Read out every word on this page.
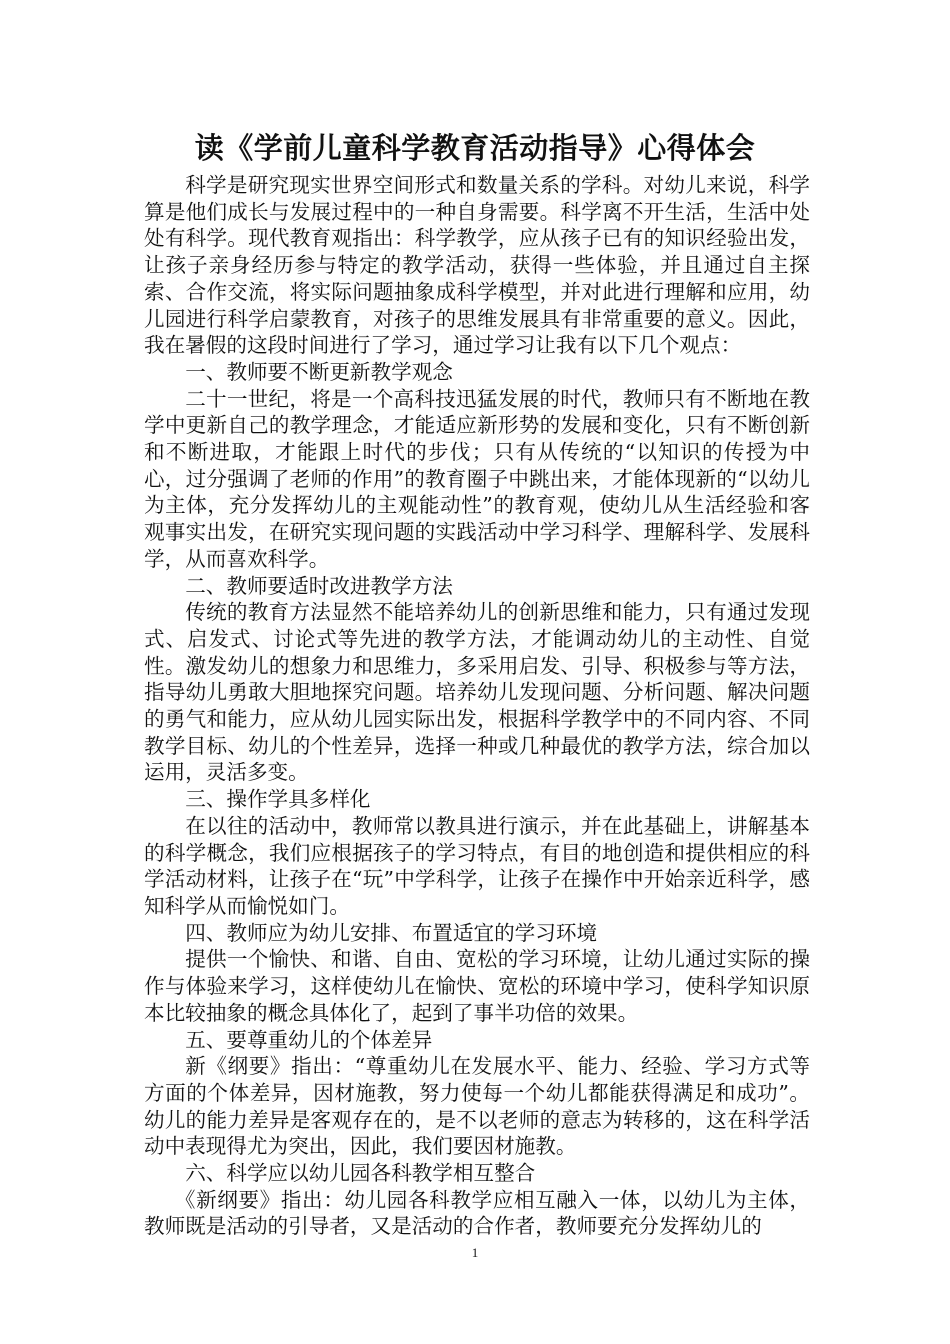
读《学前儿童科学教育活动指导》心得体会

科学是研究现实世界空间形式和数量关系的学科。对幼儿来说，科学算是他们成长与发展过程中的一种自身需要。科学离不开生活，生活中处处有科学。现代教育观指出：科学教学，应从孩子已有的知识经验出发，让孩子亲身经历参与特定的教学活动，获得一些体验，并且通过自主探索、合作交流，将实际问题抽象成科学模型，并对此进行理解和应用，幼儿园进行科学启蒙教育，对孩子的思维发展具有非常重要的意义。因此，我在暑假的这段时间进行了学习，通过学习让我有以下几个观点：

一、教师要不断更新教学观念

二十一世纪，将是一个高科技迅猛发展的时代，教师只有不断地在教学中更新自己的教学理念，才能适应新形势的发展和变化，只有不断创新和不断进取，才能跟上时代的步伐；只有从传统的“以知识的传授为中心，过分强调了老师的作用”的教育圈子中跳出来，才能体现新的“以幼儿为主体，充分发挥幼儿的主观能动性”的教育观，使幼儿从生活经验和客观事实出发，在研究实现问题的实践活动中学习科学、理解科学、发展科学，从而喜欢科学。

二、教师要适时改进教学方法

传统的教育方法显然不能培养幼儿的创新思维和能力，只有通过发现式、启发式、讨论式等先进的教学方法，才能调动幼儿的主动性、自觉性。激发幼儿的想象力和思维力，多采用启发、引导、积极参与等方法，指导幼儿勇敢大胆地探究问题。培养幼儿发现问题、分析问题、解决问题的勇气和能力，应从幼儿园实际出发，根据科学教学中的不同内容、不同教学目标、幼儿的个性差异，选择一种或几种最优的教学方法，综合加以运用，灵活多变。

三、操作学具多样化

在以往的活动中，教师常以教具进行演示，并在此基础上，讲解基本的科学概念，我们应根据孩子的学习特点，有目的地创造和提供相应的科学活动材料，让孩子在“玩”中学科学，让孩子在操作中开始亲近科学，感知科学从而愉悦如门。

四、教师应为幼儿安排、布置适宜的学习环境

提供一个愉快、和谐、自由、宽松的学习环境，让幼儿通过实际的操作与体验来学习，这样使幼儿在愉快、宽松的环境中学习，使科学知识原本比较抽象的概念具体化了，起到了事半功倍的效果。

五、要尊重幼儿的个体差异

新《纲要》指出：“尊重幼儿在发展水平、能力、经验、学习方式等方面的个体差异，因材施教，努力使每一个幼儿都能获得满足和成功”。幼儿的能力差异是客观存在的，是不以老师的意志为转移的，这在科学活动中表现得尤为突出，因此，我们要因材施教。

六、科学应以幼儿园各科教学相互整合

《新纲要》指出：幼儿园各科教学应相互融入一体，以幼儿为主体，教师既是活动的引导者，又是活动的合作者，教师要充分发挥幼儿的

1
